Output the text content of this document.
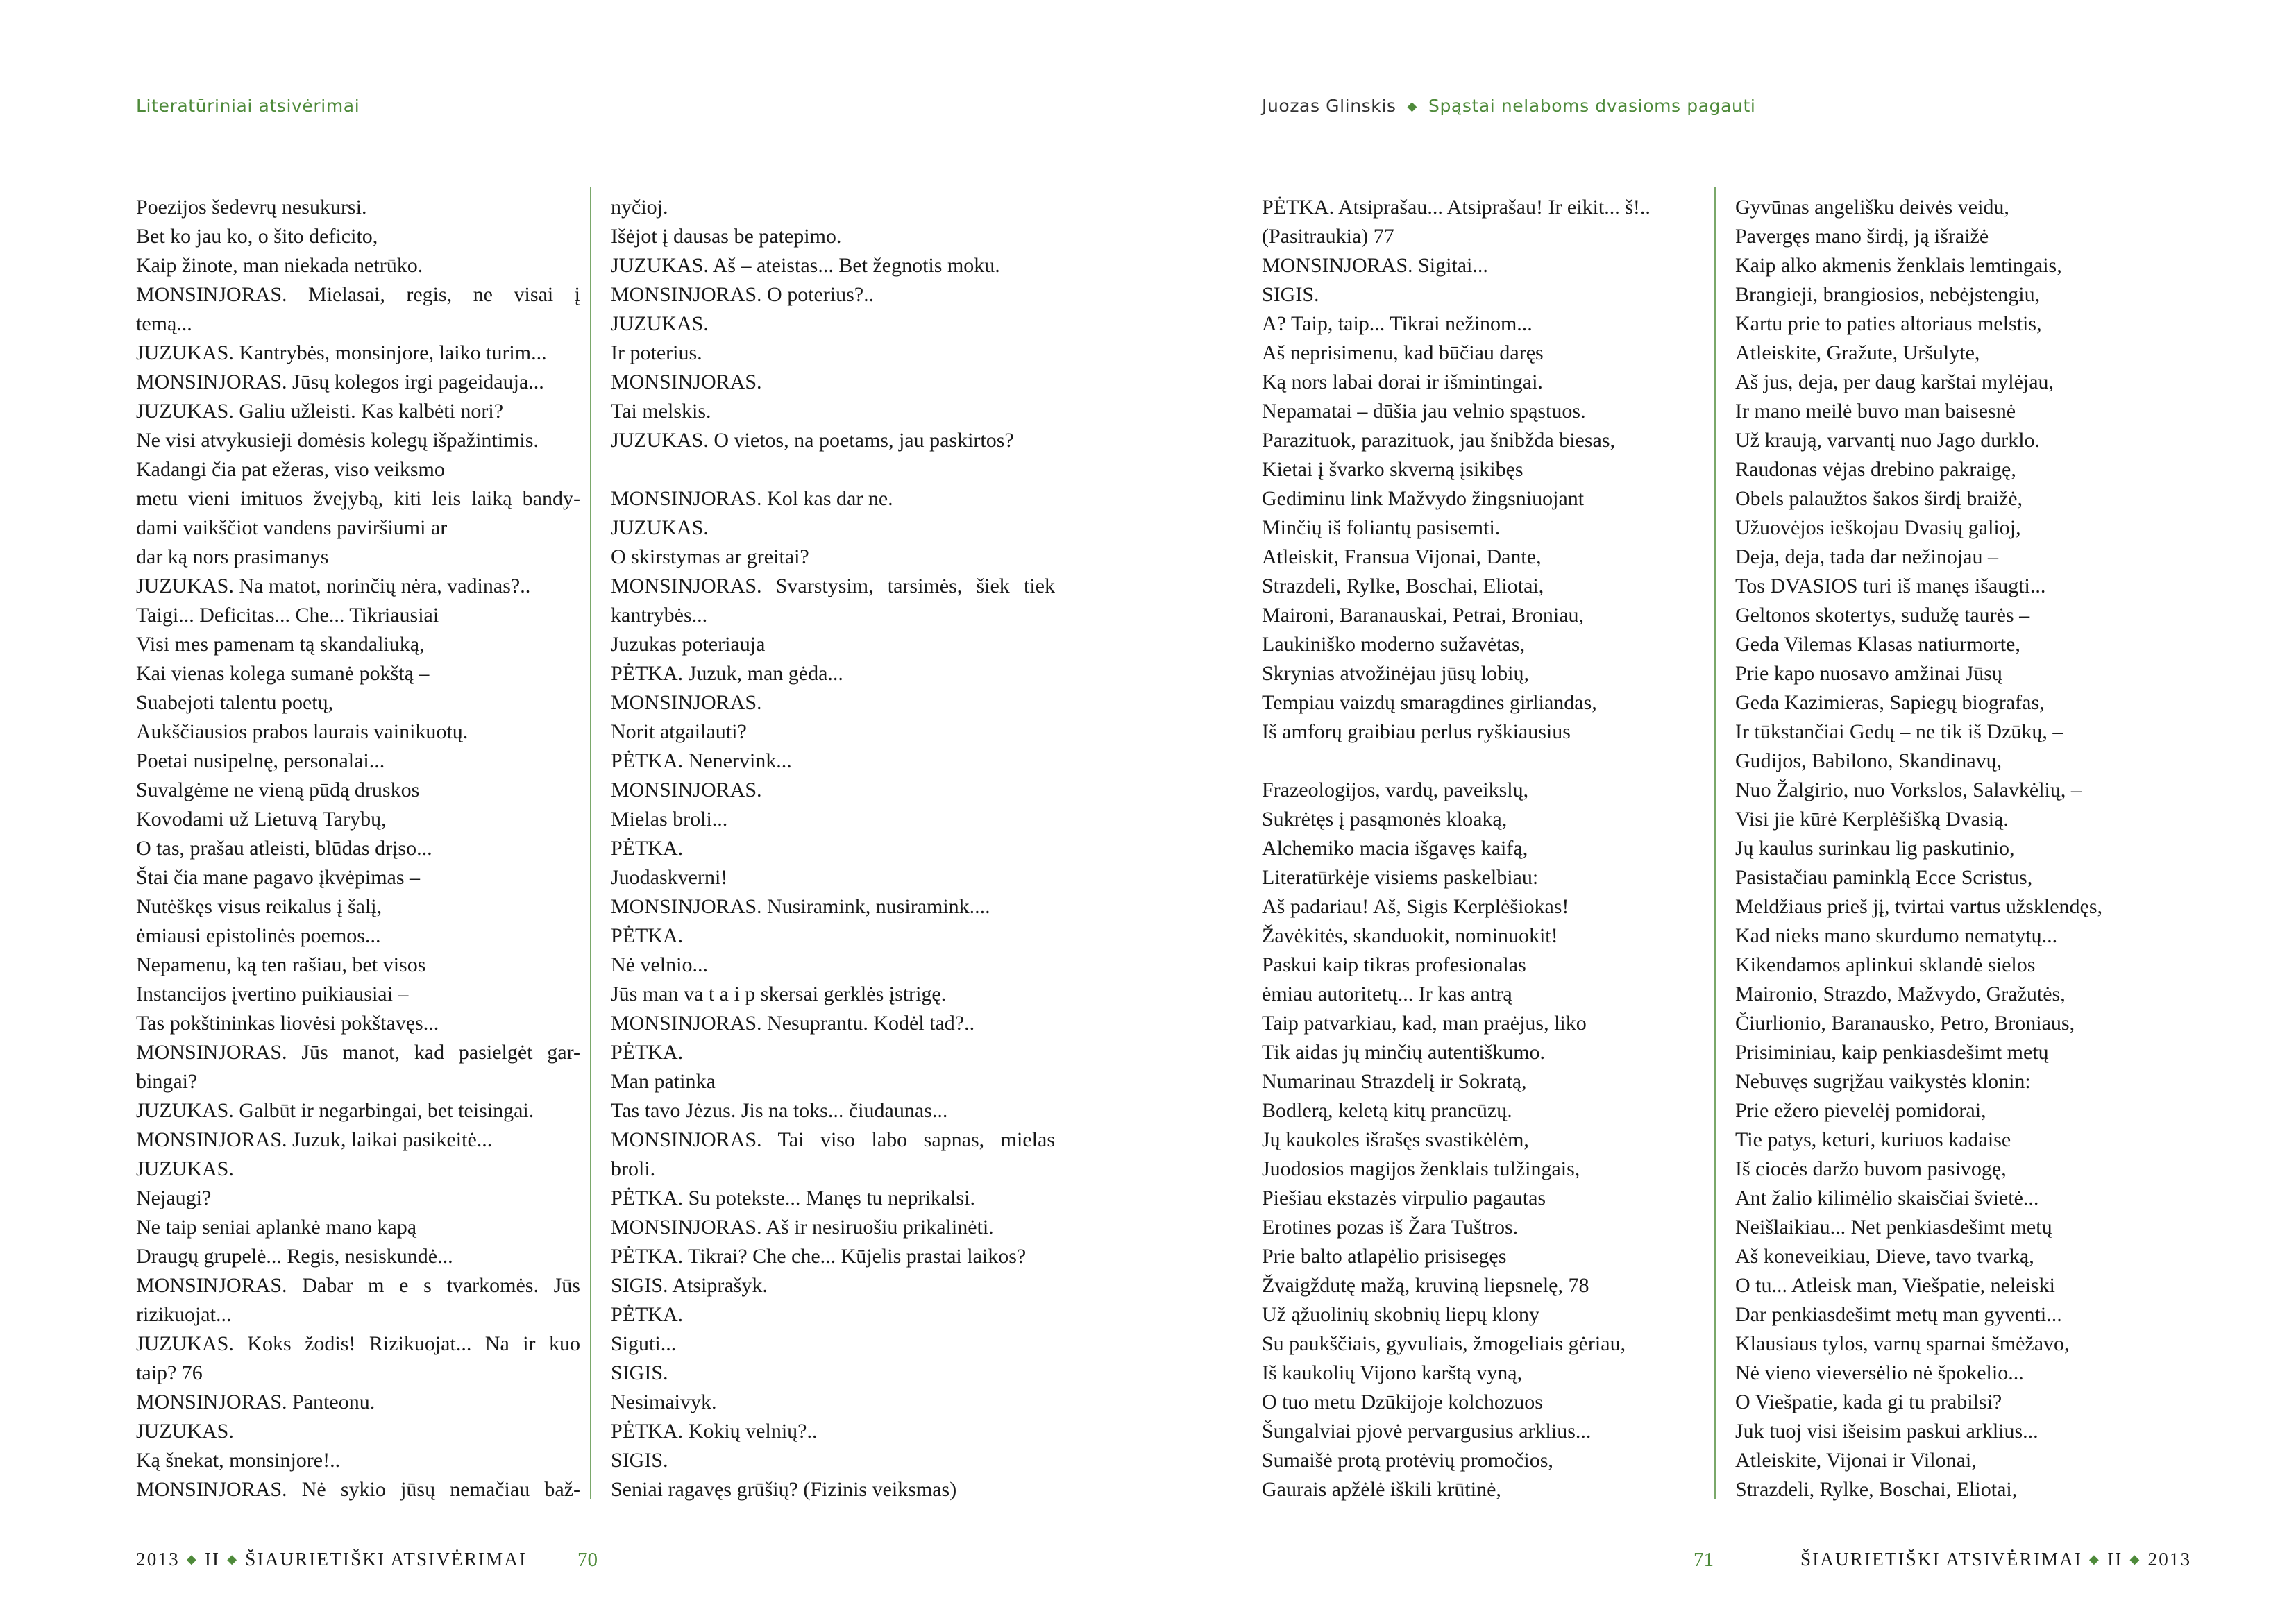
Literatūriniai atsivėrimai	Juozas Glinskis ◆ Spąstai nelaboms dvasioms pagauti
Poezijos šedevrų nesukursi.
Bet ko jau ko, o šito deficito,
Kaip žinote, man niekada netrūko.
MONSINJORAS. Mielasai, regis, ne visai į
temą...
JUZUKAS. Kantrybės, monsinjore, laiko turim...
MONSINJORAS. Jūsų kolegos irgi pageidauja...
JUZUKAS. Galiu užleisti. Kas kalbėti nori?
Ne visi atvykusieji domėsis kolegų išpažintimis.
Kadangi čia pat ežeras, viso veiksmo
metu vieni imituos žvejybą, kiti leis laiką bandy-
dami vaikščiot vandens paviršiumi ar
dar ką nors prasimanys
JUZUKAS. Na matot, norinčių nėra, vadinas?..
Taigi... Deficitas... Che... Tikriausiai
Visi mes pamenam tą skandaliuką,
Kai vienas kolega sumanė pokštą –
Suabejoti talentu poetų,
Aukščiausios prabos laurais vainikuotų.
Poetai nusipelnę, personalai...
Suvalgėme ne vieną pūdą druskos
Kovodami už Lietuvą Tarybų,
O tas, prašau atleisti, blūdas drįso...
Štai čia mane pagavo įkvėpimas –
Nutėškęs visus reikalus į šalį,
ėmiausi epistolinės poemos...
Nepamenu, ką ten rašiau, bet visos
Instancijos įvertino puikiausiai –
Tas pokštininkas liovėsi pokštavęs...
MONSINJORAS. Jūs manot, kad pasielgėt gar-
bingai?
JUZUKAS. Galbūt ir negarbingai, bet teisingai.
MONSINJORAS. Juzuk, laikai pasikeitė...
JUZUKAS.
Nejaugi?
Ne taip seniai aplankė mano kapą
Draugų grupelė... Regis, nesiskundė...
MONSINJORAS. Dabar m e s tvarkomės. Jūs
rizikuojat...
JUZUKAS. Koks žodis! Rizikuojat... Na ir kuo
taip? 76
MONSINJORAS. Panteonu.
JUZUKAS.
Ką šnekat, monsinjore!..
MONSINJORAS. Nė sykio jūsų nemačiau baž-
nyčioj.
Išėjot į dausas be patepimo.
JUZUKAS. Aš – ateistas... Bet žegnotis moku.
MONSINJORAS. O poterius?..
JUZUKAS.
Ir poterius.
MONSINJORAS.
Tai melskis.
JUZUKAS. O vietos, na poetams, jau paskirtos?
MONSINJORAS. Kol kas dar ne.
JUZUKAS.
O skirstymas ar greitai?
MONSINJORAS. Svarstysim, tarsimės, šiek tiek
kantrybės...
Juzukas poteriauja
PĖTKA. Juzuk, man gėda...
MONSINJORAS.
Norit atgailauti?
PĖTKA. Nenervink...
MONSINJORAS.
Mielas broli...
PĖTKA.
Juodaskverni!
MONSINJORAS. Nusiramink, nusiramink....
PĖTKA.
Nė velnio...
Jūs man va t a i p skersai gerklės įstrigę.
MONSINJORAS. Nesuprantu. Kodėl tad?..
PĖTKA.
Man patinka
Tas tavo Jėzus. Jis na toks... čiudaunas...
MONSINJORAS. Tai viso labo sapnas, mielas
broli.
PĖTKA. Su potekste... Manęs tu neprikalsi.
MONSINJORAS. Aš ir nesiruošiu prikalinėti.
PĖTKA. Tikrai? Che che... Kūjelis prastai laikos?
SIGIS. Atsiprašyk.
PĖTKA.
Siguti...
SIGIS.
Nesimaivyk.
PĖTKA. Kokių velnių?..
SIGIS.
Seniai ragavęs grūšių? (Fizinis veiksmas)
PĖTKA. Atsiprašau... Atsiprašau! Ir eikit... š!..
(Pasitraukia) 77
MONSINJORAS. Sigitai...
SIGIS.
A? Taip, taip... Tikrai nežinom...
Aš neprisimenu, kad būčiau daręs
Ką nors labai dorai ir išmintingai.
Nepamatai – dūšia jau velnio spąstuos.
Parazituok, parazituok, jau šnibžda biesas,
Kietai į švarko skverną įsikibęs
Gediminu link Mažvydo žingsniuojant
Minčių iš foliantų pasisemti.
Atleiskit, Fransua Vijonai, Dante,
Strazdeli, Rylke, Boschai, Eliotai,
Maironi, Baranauskai, Petrai, Broniau,
Laukiniško moderno sužavėtas,
Skrynias atvožinėjau jūsų lobių,
Tempiau vaizdų smaragdines girliandas,
Iš amforų graibiau perlus ryškiausius
Frazeologijos, vardų, paveikslų,
Sukrėtęs į pasąmonės kloaką,
Alchemiko macia išgavęs kaifą,
Literatūrkėje visiems paskelbiau:
Aš padariau! Aš, Sigis Kerplėšiokas!
Žavėkitės, skanduokit, nominuokit!
Paskui kaip tikras profesionalas
ėmiau autoritetų... Ir kas antrą
Taip patvarkiau, kad, man praėjus, liko
Tik aidas jų minčių autentiškumo.
Numarinau Strazdelį ir Sokratą,
Bodlerą, keletą kitų prancūzų.
Jų kaukoles išrašęs svastikėlėm,
Juodosios magijos ženklais tulžingais,
Piešiau ekstazės virpulio pagautas
Erotines pozas iš Žara Tuštros.
Prie balto atlapėlio prisisegęs
Žvaigždutę mažą, kruviną liepsnelę, 78
Už ąžuolinių skobnių liepų klony
Su paukščiais, gyvuliais, žmogeliais gėriau,
Iš kaukolių Vijono karštą vyną,
O tuo metu Dzūkijoje kolchozuos
Šungalviai pjovė pervargusius arklius...
Sumaišė protą protėvių promočios,
Gaurais apžėlė iškili krūtinė,
Gyvūnas angelišku deivės veidu,
Pavergęs mano širdį, ją išraižė
Kaip alko akmenis ženklais lemtingais,
Brangieji, brangiosios, nebėjstengiu,
Kartu prie to paties altoriaus melstis,
Atleiskite, Gražute, Uršulyte,
Aš jus, deja, per daug karštai mylėjau,
Ir mano meilė buvo man baisesnė
Už kraują, varvantį nuo Jago durklo.
Raudonas vėjas drebino pakraigę,
Obels palaužtos šakos širdį braižė,
Užuovėjos ieškojau Dvasių galioj,
Deja, deja, tada dar nežinojau –
Tos DVASIOS turi iš manęs išaugti...
Geltonos skotertys, sudužę taurės –
Geda Vilemas Klasas natiurmorte,
Prie kapo nuosavo amžinai Jūsų
Geda Kazimieras, Sapiegų biografas,
Ir tūkstančiai Gedų – ne tik iš Dzūkų, –
Gudijos, Babilono, Skandinavų,
Nuo Žalgirio, nuo Vorkslos, Salavkėlių, –
Visi jie kūrė Kerplėšišką Dvasią.
Jų kaulus surinkau lig paskutinio,
Pasistačiau paminklą Ecce Scristus,
Meldžiaus prieš jį, tvirtai vartus užsklendęs,
Kad nieks mano skurdumo nematytų...
Kikendamos aplinkui sklandė sielos
Maironio, Strazdo, Mažvydo, Gražutės,
Čiurlionio, Baranausko, Petro, Broniaus,
Prisiminiau, kaip penkiasdešimt metų
Nebuvęs sugrįžau vaikystės klonin:
Prie ežero pievelėj pomidorai,
Tie patys, keturi, kuriuos kadaise
Iš ciocės daržo buvom pasivogę,
Ant žalio kilimėlio skaisčiai švietė...
Neišlaikiau... Net penkiasdešimt metų
Aš koneveikiau, Dieve, tavo tvarką,
O tu... Atleisk man, Viešpatie, neleiski
Dar penkiasdešimt metų man gyventi...
Klausiaus tylos, varnų sparnai šmėžavo,
Nė vieno vieversėlio nė špokelio...
O Viešpatie, kada gi tu prabilsi?
Juk tuoj visi išeisim paskui arklius...
Atleiskite, Vijonai ir Vilonai,
Strazdeli, Rylke, Boschai, Eliotai,
2013 ◆ II ◆ ŠIAURIETIŠKI ATSIVĖRIMAI	70	71	ŠIAURIETIŠKI ATSIVĖRIMAI ◆ II ◆ 2013
